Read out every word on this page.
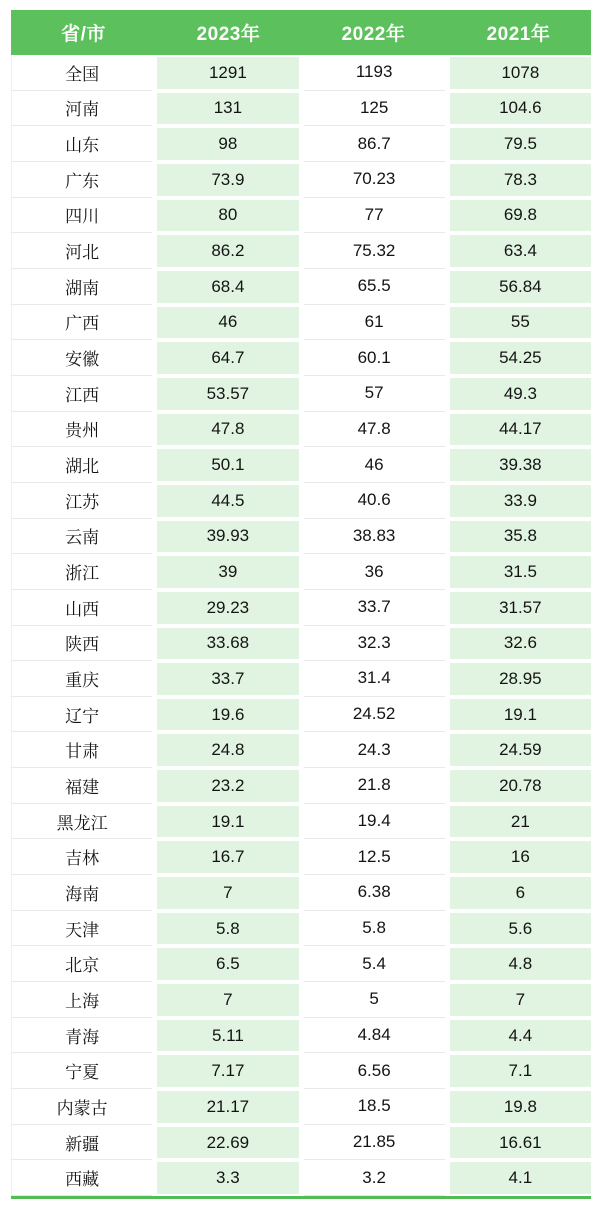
省/市	2023年	2022年	2021年
全国	1291	1193	1078
河南	131	125	104.6
山东	98	86.7	79.5
广东	73.9	70.23	78.3
四川	80	77	69.8
河北	86.2	75.32	63.4
湖南	68.4	65.5	56.84
广西	46	61	55
安徽	64.7	60.1	54.25
江西	53.57	57	49.3
贵州	47.8	47.8	44.17
湖北	50.1	46	39.38
江苏	44.5	40.6	33.9
云南	39.93	38.83	35.8
浙江	39	36	31.5
山西	29.23	33.7	31.57
陕西	33.68	32.3	32.6
重庆	33.7	31.4	28.95
辽宁	19.6	24.52	19.1
甘肃	24.8	24.3	24.59
福建	23.2	21.8	20.78
黑龙江	19.1	19.4	21
吉林	16.7	12.5	16
海南	7	6.38	6
天津	5.8	5.8	5.6
北京	6.5	5.4	4.8
上海	7	5	7
青海	5.11	4.84	4.4
宁夏	7.17	6.56	7.1
内蒙古	21.17	18.5	19.8
新疆	22.69	21.85	16.61
西藏	3.3	3.2	4.1
